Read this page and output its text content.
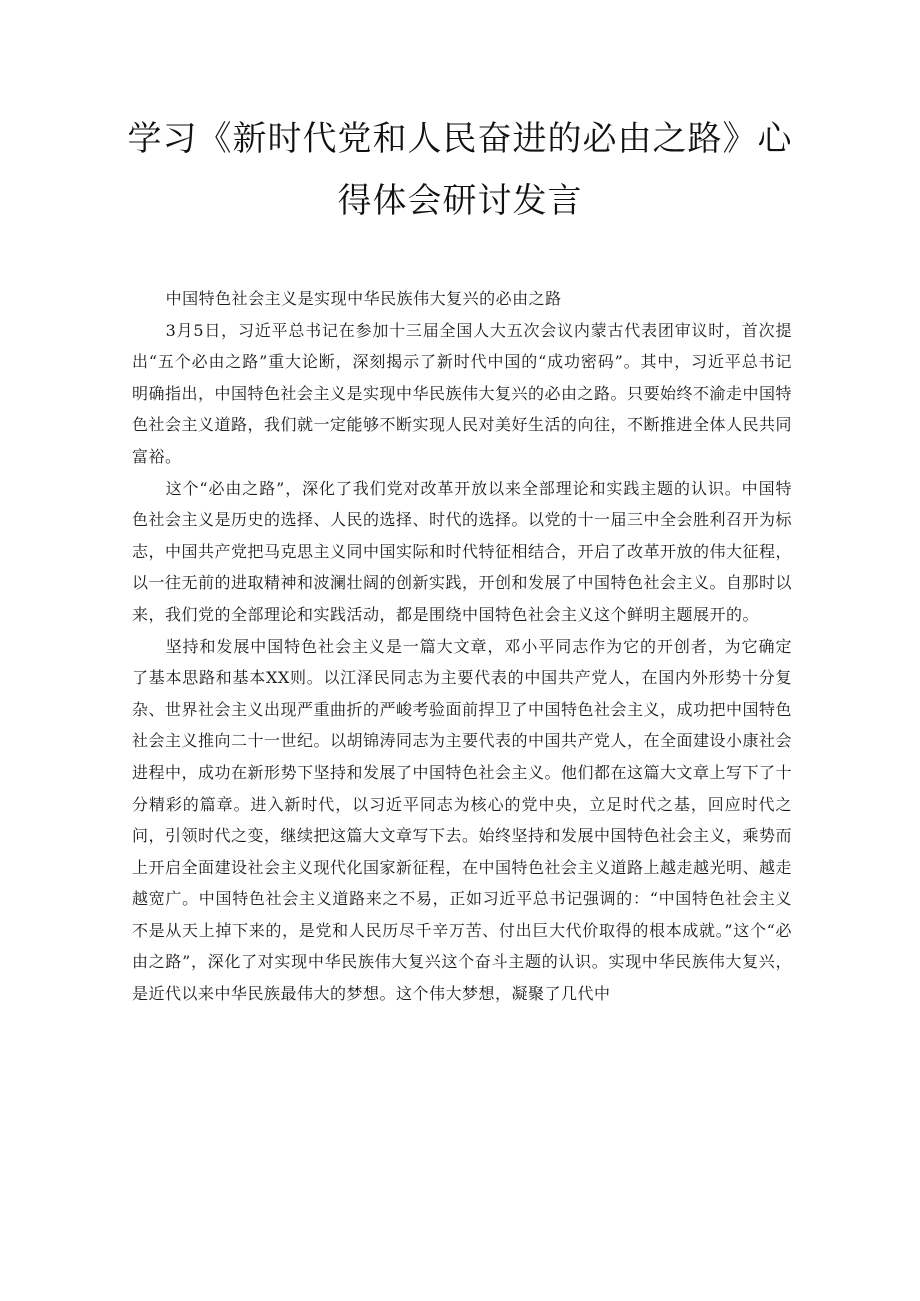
学习《新时代党和人民奋进的必由之路》心得体会研讨发言

中国特色社会主义是实现中华民族伟大复兴的必由之路

3月5日，习近平总书记在参加十三届全国人大五次会议内蒙古代表团审议时，首次提出“五个必由之路”重大论断，深刻揭示了新时代中国的“成功密码”。其中，习近平总书记明确指出，中国特色社会主义是实现中华民族伟大复兴的必由之路。只要始终不渝走中国特色社会主义道路，我们就一定能够不断实现人民对美好生活的向往，不断推进全体人民共同富裕。

这个“必由之路”，深化了我们党对改革开放以来全部理论和实践主题的认识。中国特色社会主义是历史的选择、人民的选择、时代的选择。以党的十一届三中全会胜利召开为标志，中国共产党把马克思主义同中国实际和时代特征相结合，开启了改革开放的伟大征程，以一往无前的进取精神和波澜壮阔的创新实践，开创和发展了中国特色社会主义。自那时以来，我们党的全部理论和实践活动，都是围绕中国特色社会主义这个鲜明主题展开的。

坚持和发展中国特色社会主义是一篇大文章，邓小平同志作为它的开创者，为它确定了基本思路和基本XX则。以江泽民同志为主要代表的中国共产党人，在国内外形势十分复杂、世界社会主义出现严重曲折的严峻考验面前捍卫了中国特色社会主义，成功把中国特色社会主义推向二十一世纪。以胡锦涛同志为主要代表的中国共产党人，在全面建设小康社会进程中，成功在新形势下坚持和发展了中国特色社会主义。他们都在这篇大文章上写下了十分精彩的篇章。进入新时代，以习近平同志为核心的党中央，立足时代之基，回应时代之问，引领时代之变，继续把这篇大文章写下去。始终坚持和发展中国特色社会主义，乘势而上开启全面建设社会主义现代化国家新征程，在中国特色社会主义道路上越走越光明、越走越宽广。中国特色社会主义道路来之不易，正如习近平总书记强调的：“中国特色社会主义不是从天上掉下来的，是党和人民历尽千辛万苦、付出巨大代价取得的根本成就。”这个“必由之路”，深化了对实现中华民族伟大复兴这个奋斗主题的认识。实现中华民族伟大复兴，是近代以来中华民族最伟大的梦想。这个伟大梦想，凝聚了几代中
